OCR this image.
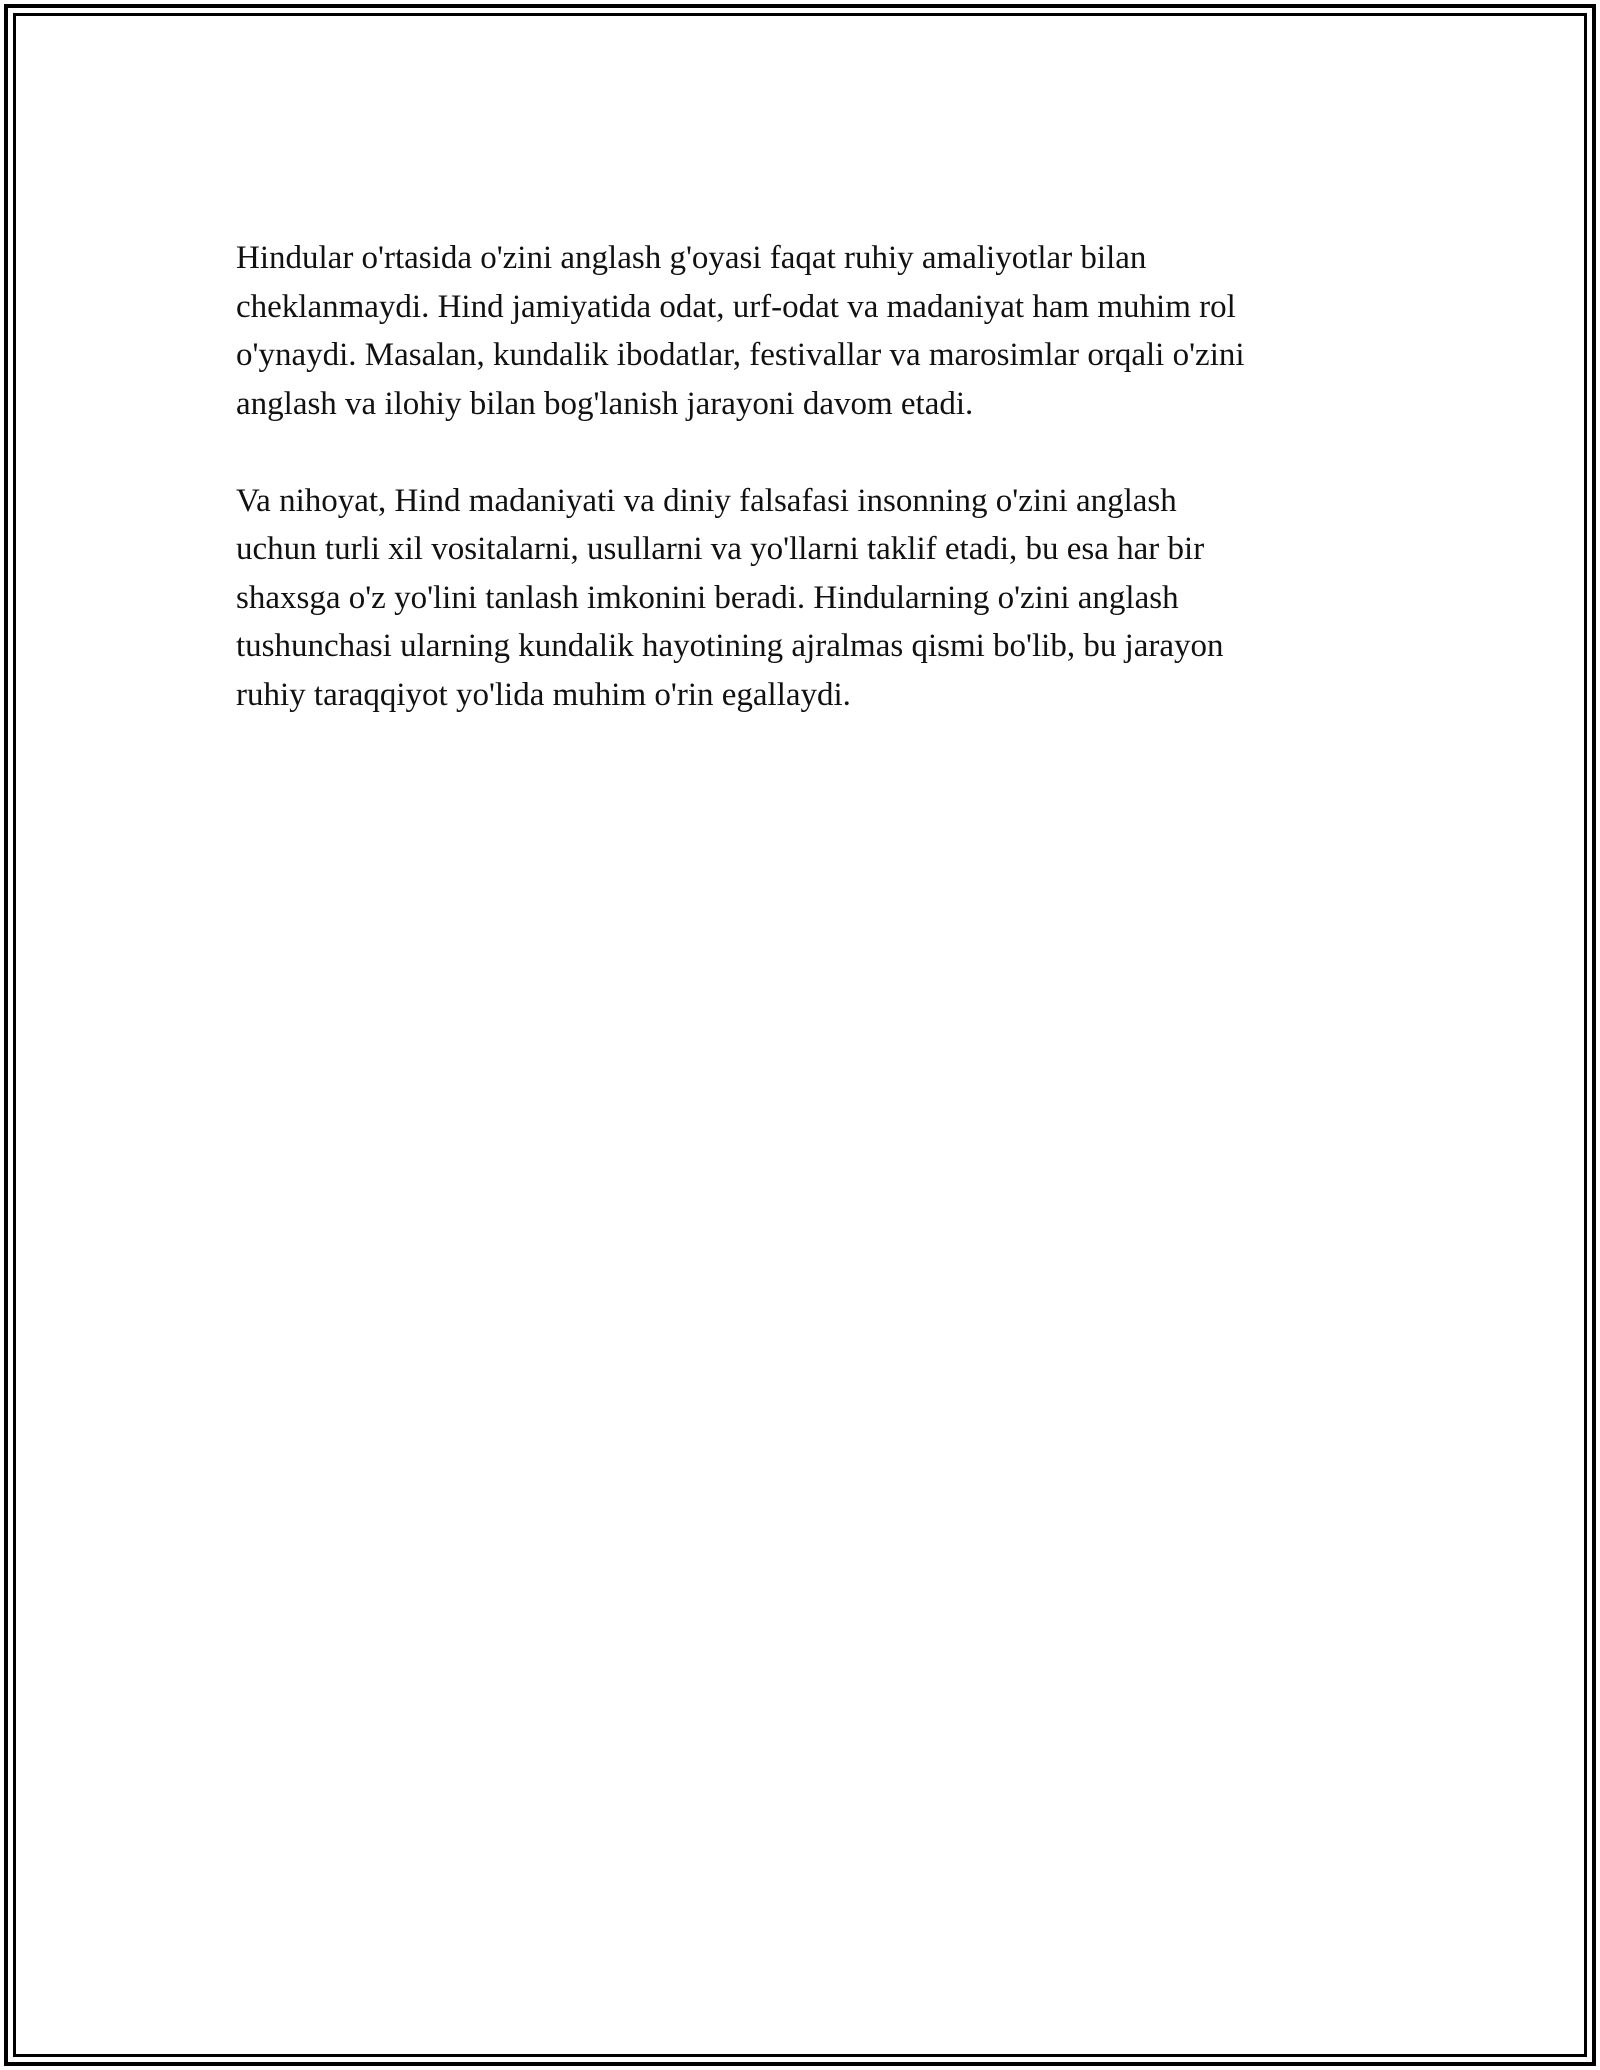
Hindular o'rtasida o'zini anglash g'oyasi faqat ruhiy amaliyotlar bilan
cheklanmaydi. Hind jamiyatida odat, urf-odat va madaniyat ham muhim rol
o'ynaydi. Masalan, kundalik ibodatlar, festivallar va marosimlar orqali o'zini
anglash va ilohiy bilan bog'lanish jarayoni davom etadi.

Va nihoyat, Hind madaniyati va diniy falsafasi insonning o'zini anglash
uchun turli xil vositalarni, usullarni va yo'llarni taklif etadi, bu esa har bir
shaxsga o'z yo'lini tanlash imkonini beradi. Hindularning o'zini anglash
tushunchasi ularning kundalik hayotining ajralmas qismi bo'lib, bu jarayon
ruhiy taraqqiyot yo'lida muhim o'rin egallaydi.
